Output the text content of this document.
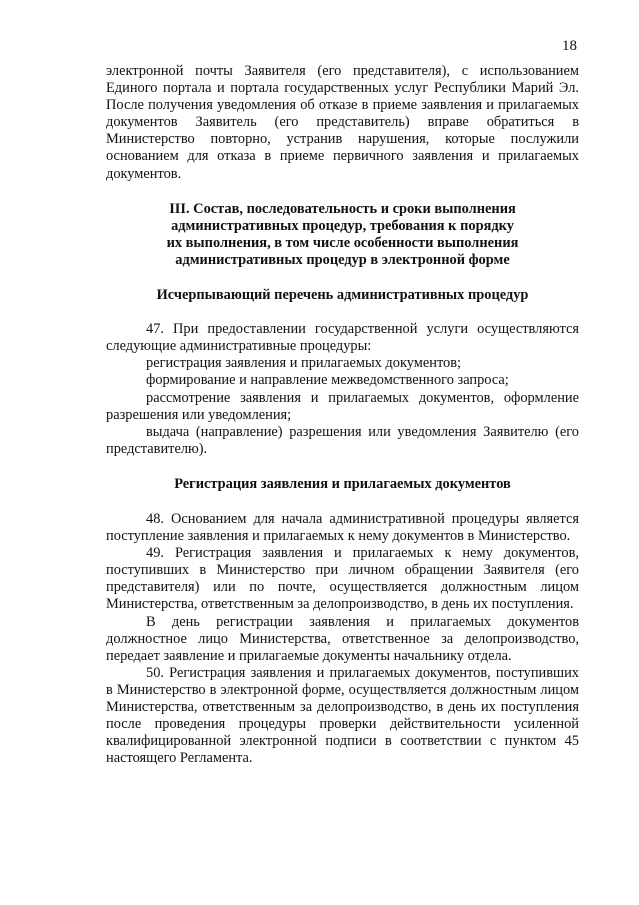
18

электронной почты Заявителя (его представителя), с использованием Единого портала и портала государственных услуг Республики Марий Эл. После получения уведомления об отказе в приеме заявления и прилагаемых документов Заявитель (его представитель) вправе обратиться в Министерство повторно, устранив нарушения, которые послужили основанием для отказа в приеме первичного заявления и прилагаемых документов.

III. Состав, последовательность и сроки выполнения
административных процедур, требования к порядку
их выполнения, в том числе особенности выполнения
административных процедур в электронной форме
Исчерпывающий перечень административных процедур

47. При предоставлении государственной услуги осуществляются следующие административные процедуры:

регистрация заявления и прилагаемых документов;

формирование и направление межведомственного запроса;

рассмотрение заявления и прилагаемых документов, оформление разрешения или уведомления;

выдача (направление) разрешения или уведомления Заявителю (его представителю).

Регистрация заявления и прилагаемых документов

48. Основанием для начала административной процедуры является поступление заявления и прилагаемых к нему документов в Министерство.

49. Регистрация заявления и прилагаемых к нему документов, поступивших в Министерство при личном обращении Заявителя (его представителя) или по почте, осуществляется должностным лицом Министерства, ответственным за делопроизводство, в день их поступления.

В день регистрации заявления и прилагаемых документов должностное лицо Министерства, ответственное за делопроизводство, передает заявление и прилагаемые документы начальнику отдела.

50. Регистрация заявления и прилагаемых документов, поступивших в Министерство в электронной форме, осуществляется должностным лицом Министерства, ответственным за делопроизводство, в день их поступления после проведения процедуры проверки действительности усиленной квалифицированной электронной подписи в соответствии с пунктом 45 настоящего Регламента.
